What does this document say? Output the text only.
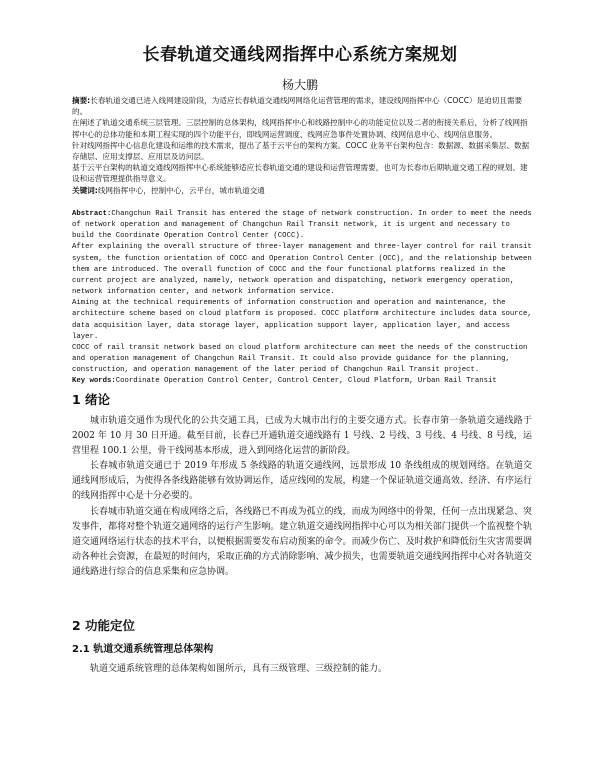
长春轨道交通线网指挥中心系统方案规划
杨大鹏

摘要:长春轨道交通已进入线网建设阶段，为适应长春轨道交通线网网络化运营管理的需求，建设线网指挥中心（COCC）是迫切且需要的。

在阐述了轨道交通系统三层管理、三层控制的总体架构，线网指挥中心和线路控制中心的功能定位以及二者的衔接关系后，分析了线网指挥中心的总体功能和本期工程实现的四个功能平台，即线网运营调度、线网应急事件处置协调、线网信息中心、线网信息服务。

针对线网指挥中心信息化建设和运维的技术需求，提出了基于云平台的架构方案。COCC 业务平台架构包含：数据源、数据采集层、数据存储层、应用支撑层、应用层及访问层。

基于云平台架构的轨道交通线网指挥中心系统能够适应长春轨道交通的建设和运营管理需要，也可为长春市后期轨道交通工程的规划、建设和运营管理提供指导意义。

关键词:线网指挥中心，控制中心，云平台，城市轨道交通

Abstract:Changchun Rail Transit has entered the stage of network construction. In order to meet the needs of network operation and management of Changchun Rail Transit network, it is urgent and necessary to build the Coordinate Operation Control Center (COCC).

After explaining the overall structure of three-layer management and three-layer control for rail transit system, the function orientation of COCC and Operation Control Center (OCC), and the relationship between them are introduced. The overall function of COCC and the four functional platforms realized in the current project are analyzed, namely, network operation and dispatching, network emergency operation, network information center, and network information service.

Aiming at the technical requirements of information construction and operation and maintenance, the architecture scheme based on cloud platform is proposed. COCC platform architecture includes data source, data acquisition layer, data storage layer, application support layer, application layer, and access layer.

COCC of rail transit network based on cloud platform architecture can meet the needs of the construction and operation management of Changchun Rail Transit. It could also provide guidance for the planning, construction, and operation management of the later period of Changchun Rail Transit project.

Key words:Coordinate Operation Control Center, Control Center, Cloud Platform, Urban Rail Transit

1 绪论

城市轨道交通作为现代化的公共交通工具，已成为大城市出行的主要交通方式。长春市第一条轨道交通线路于 2002 年 10 月 30 日开通。截至目前，长春已开通轨道交通线路有 1 号线、2 号线、3 号线、4 号线、8 号线，运营里程 100.1 公里，骨干线网基本形成，进入到网络化运营的新阶段。

长春城市轨道交通已于 2019 年形成 5 条线路的轨道交通线网，远景形成 10 条线组成的规划网络。在轨道交通线网形成后，为使得各条线路能够有效协调运作，适应线网的发展，构建一个保证轨道交通高效、经济、有序运行的线网指挥中心是十分必要的。

长春城市轨道交通在构成网络之后，各线路已不再成为孤立的线，而成为网络中的骨架，任何一点出现紧急、突发事件，都将对整个轨道交通网络的运行产生影响。建立轨道交通线网指挥中心可以为相关部门提供一个监视整个轨道交通网络运行状态的技术平台，以便根据需要发布启动预案的命令。而减少伤亡、及时救护和降低衍生灾害需要调动各种社会资源，在最短的时间内，采取正确的方式消除影响、减少损失，也需要轨道交通线网指挥中心对各轨道交通线路进行综合的信息采集和应急协调。

2 功能定位
2.1 轨道交通系统管理总体架构

轨道交通系统管理的总体架构如图所示，具有三级管理、三级控制的能力。
